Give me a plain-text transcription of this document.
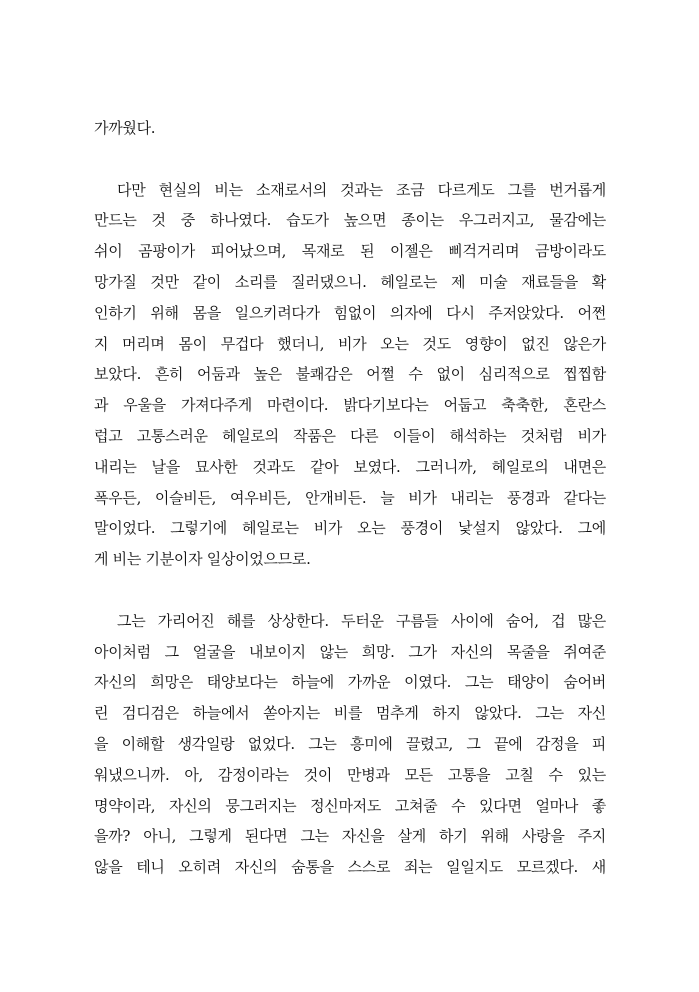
가까웠다.

다만 현실의 비는 소재로서의 것과는 조금 다르게도 그를 번거롭게
만드는 것 중 하나였다. 습도가 높으면 종이는 우그러지고, 물감에는
쉬이 곰팡이가 피어났으며, 목재로 된 이젤은 삐걱거리며 금방이라도
망가질 것만 같이 소리를 질러댔으니. 헤일로는 제 미술 재료들을 확
인하기 위해 몸을 일으키려다가 힘없이 의자에 다시 주저앉았다. 어쩐
지 머리며 몸이 무겁다 했더니, 비가 오는 것도 영향이 없진 않은가
보았다. 흔히 어둠과 높은 불쾌감은 어쩔 수 없이 심리적으로 찝찝함
과 우울을 가져다주게 마련이다. 밝다기보다는 어둡고 축축한, 혼란스
럽고 고통스러운 헤일로의 작품은 다른 이들이 해석하는 것처럼 비가
내리는 날을 묘사한 것과도 같아 보였다. 그러니까, 헤일로의 내면은
폭우든, 이슬비든, 여우비든, 안개비든. 늘 비가 내리는 풍경과 같다는
말이었다. 그렇기에 헤일로는 비가 오는 풍경이 낯설지 않았다. 그에
게 비는 기분이자 일상이었으므로.

그는 가리어진 해를 상상한다. 두터운 구름들 사이에 숨어, 겁 많은
아이처럼 그 얼굴을 내보이지 않는 희망. 그가 자신의 목줄을 쥐여준
자신의 희망은 태양보다는 하늘에 가까운 이였다. 그는 태양이 숨어버
린 검디검은 하늘에서 쏟아지는 비를 멈추게 하지 않았다. 그는 자신
을 이해할 생각일랑 없었다. 그는 흥미에 끌렸고, 그 끝에 감정을 피
워냈으니까. 아, 감정이라는 것이 만병과 모든 고통을 고칠 수 있는
명약이라, 자신의 뭉그러지는 정신마저도 고쳐줄 수 있다면 얼마나 좋
을까? 아니, 그렇게 된다면 그는 자신을 살게 하기 위해 사랑을 주지
않을 테니 오히려 자신의 숨통을 스스로 죄는 일일지도 모르겠다. 새
